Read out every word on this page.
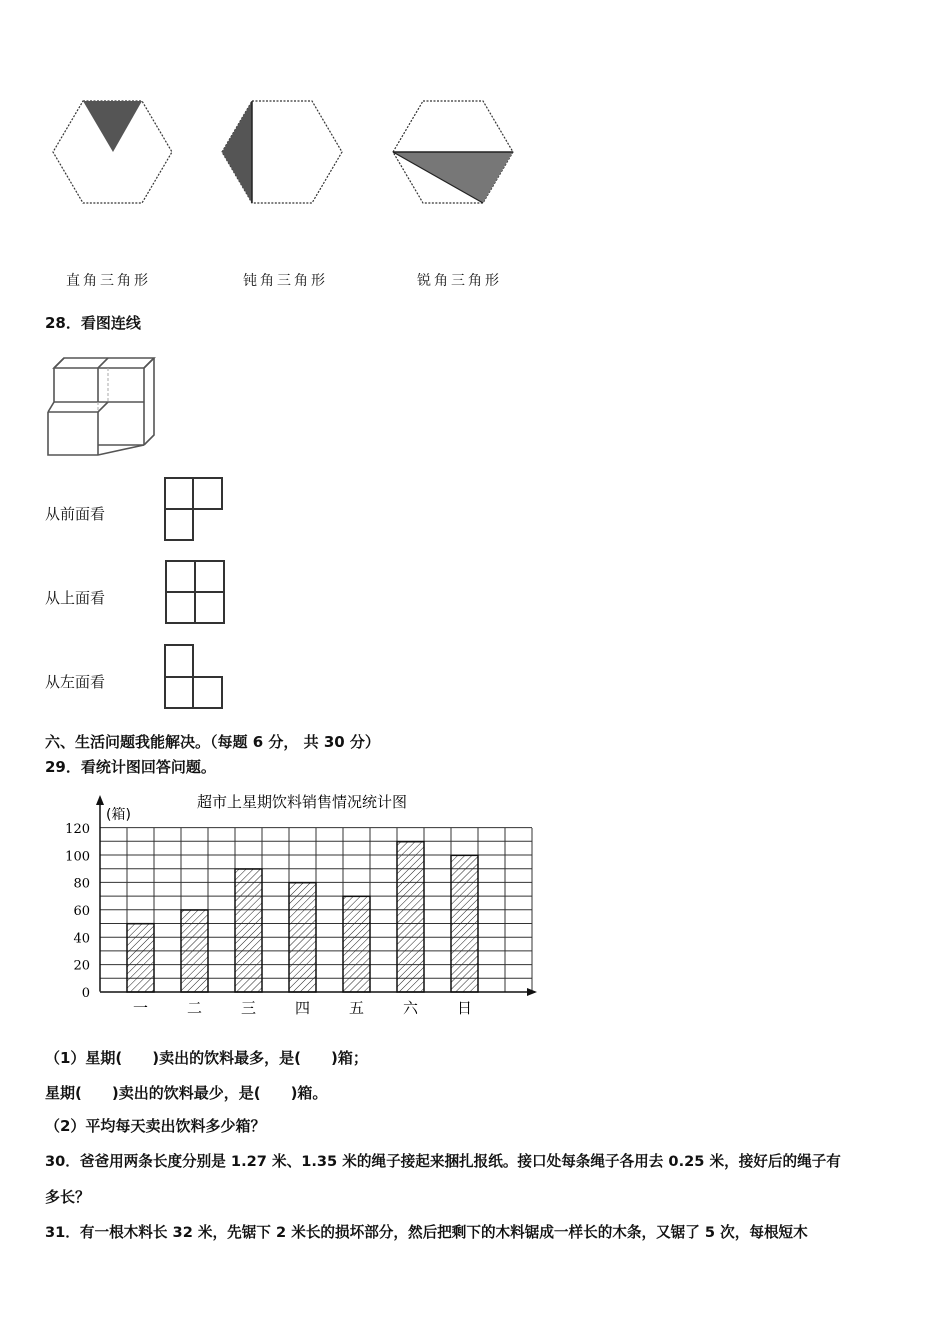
直角三角形	钝角三角形	锐角三角形
28．看图连线
从前面看
从上面看
从左面看
六、生活问题我能解决。（每题 6 分， 共 30 分）
29．看统计图回答问题。
超市上星期饮料销售情况统计图
(箱)
0
20
40
60
80
100
120
一	二	三	四	五	六	日
（1）星期(　　)卖出的饮料最多，是(　　)箱；
星期(　　)卖出的饮料最少，是(　　)箱。
（2）平均每天卖出饮料多少箱？
30．爸爸用两条长度分别是 1.27 米、1.35 米的绳子接起来捆扎报纸。接口处每条绳子各用去 0.25 米，接好后的绳子有
多长？
31．有一根木料长 32 米，先锯下 2 米长的损坏部分，然后把剩下的木料锯成一样长的木条，又锯了 5 次，每根短木
